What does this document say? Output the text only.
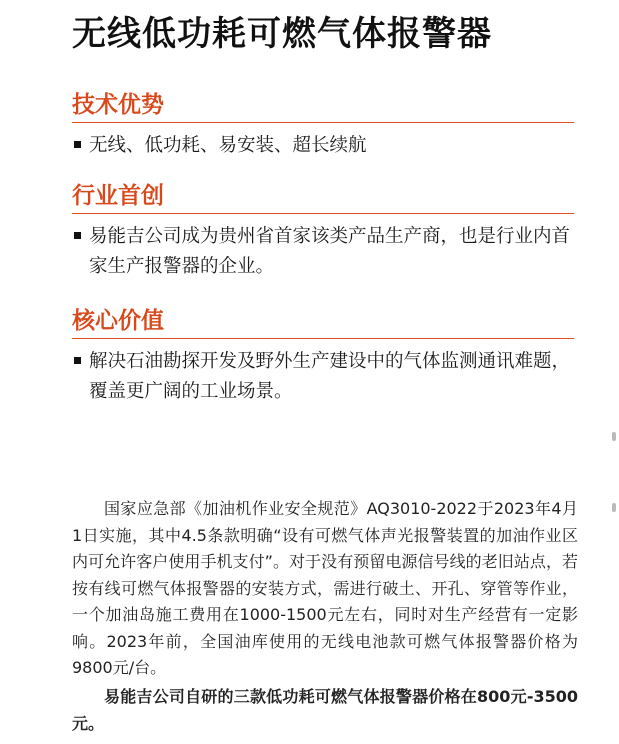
无线低功耗可燃气体报警器
技术优势
无线、低功耗、易安装、超长续航
行业首创
易能吉公司成为贵州省首家该类产品生产商，也是行业内首家生产报警器的企业。
核心价值
解决石油勘探开发及野外生产建设中的气体监测通讯难题，覆盖更广阔的工业场景。

国家应急部《加油机作业安全规范》AQ3010-2022于2023年4月1日实施，其中4.5条款明确“设有可燃气体声光报警装置的加油作业区内可允许客户使用手机支付”。对于没有预留电源信号线的老旧站点，若按有线可燃气体报警器的安装方式，需进行破土、开孔、穿管等作业，一个加油岛施工费用在1000-1500元左右，同时对生产经营有一定影响。2023年前，全国油库使用的无线电池款可燃气体报警器价格为9800元/台。

易能吉公司自研的三款低功耗可燃气体报警器价格在800元-3500元。
